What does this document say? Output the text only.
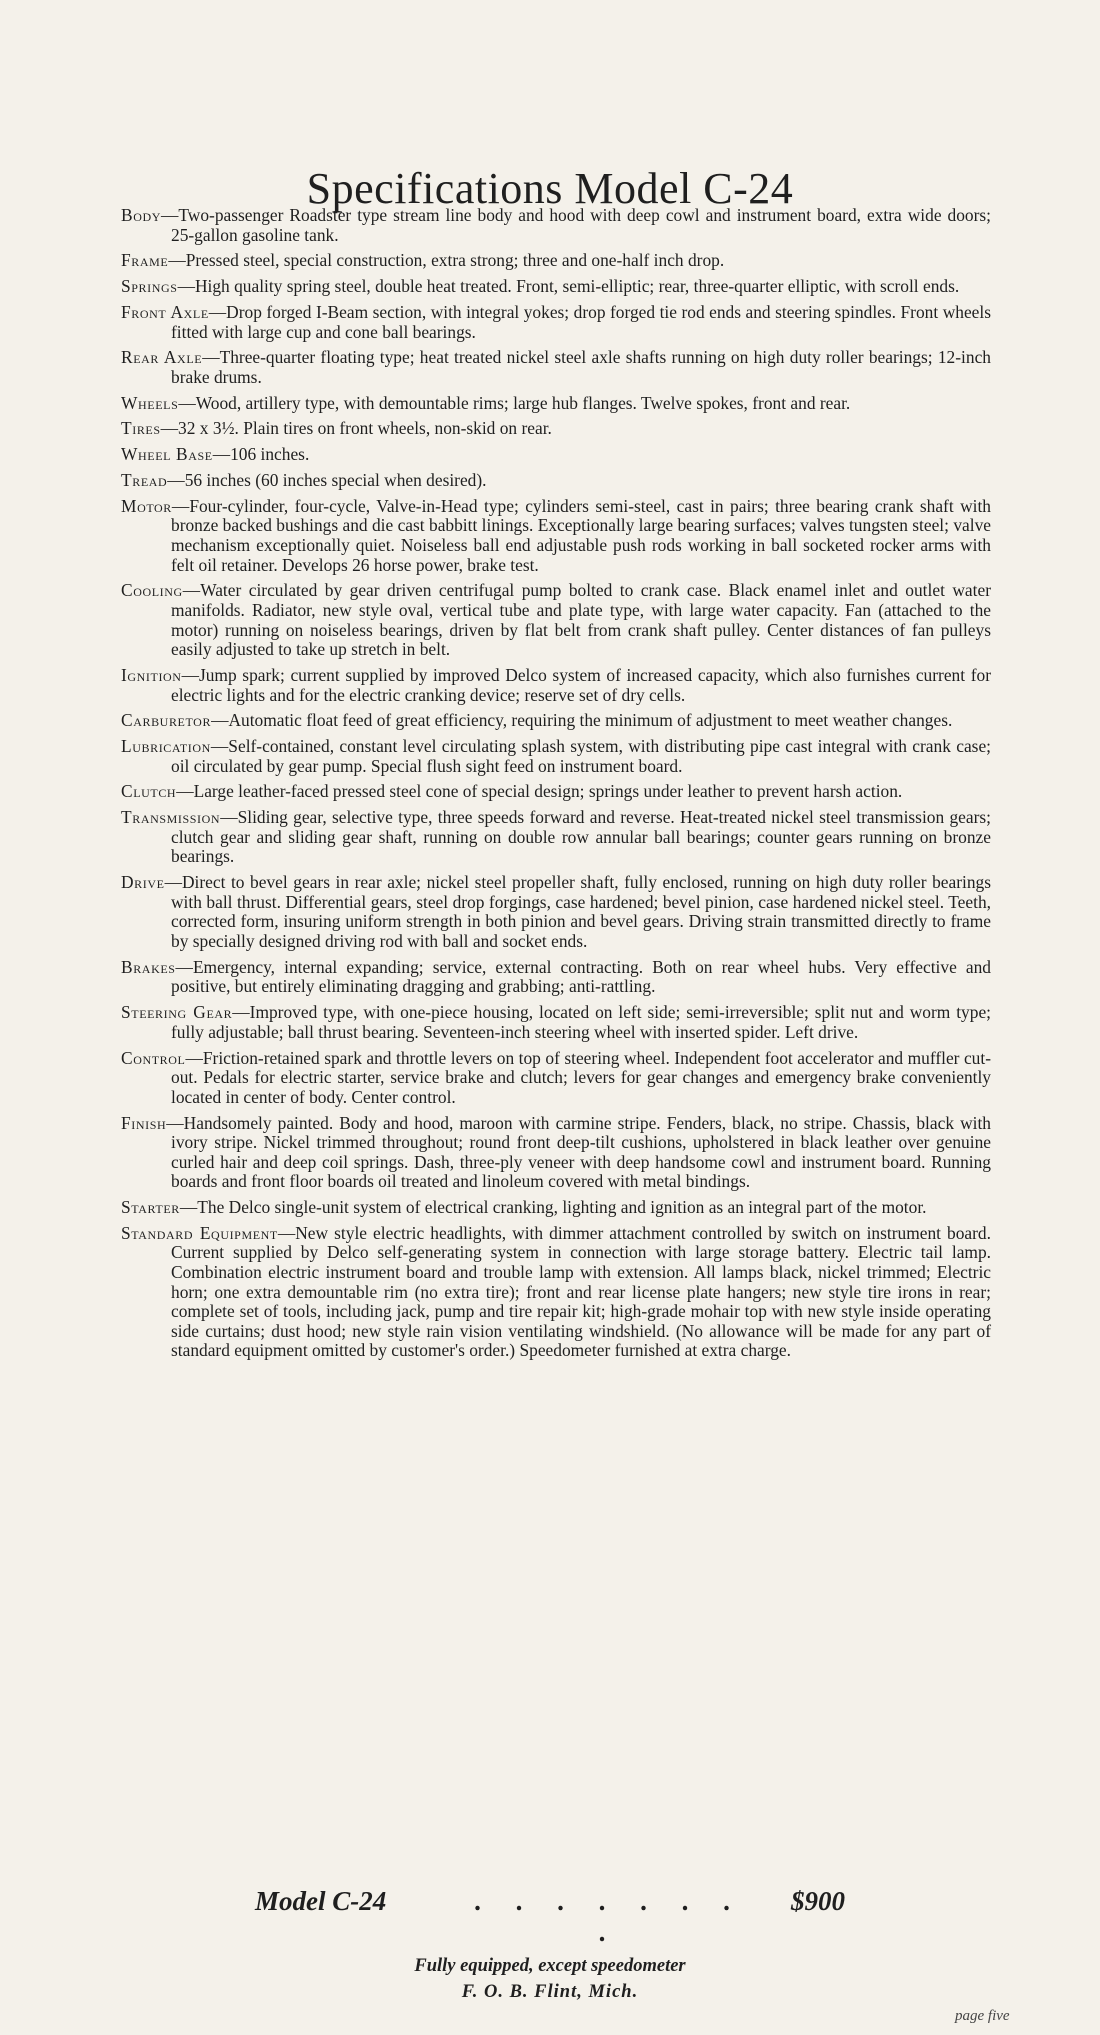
Specifications Model C-24

Body—Two-passenger Roadster type stream line body and hood with deep cowl and instrument board, extra wide doors; 25-gallon gasoline tank.

Frame—Pressed steel, special construction, extra strong; three and one-half inch drop.

Springs—High quality spring steel, double heat treated. Front, semi-elliptic; rear, three-quarter elliptic, with scroll ends.

Front Axle—Drop forged I-Beam section, with integral yokes; drop forged tie rod ends and steering spindles. Front wheels fitted with large cup and cone ball bearings.

Rear Axle—Three-quarter floating type; heat treated nickel steel axle shafts running on high duty roller bearings; 12-inch brake drums.

Wheels—Wood, artillery type, with demountable rims; large hub flanges. Twelve spokes, front and rear.

Tires—32 x 3½. Plain tires on front wheels, non-skid on rear.

Wheel Base—106 inches.

Tread—56 inches (60 inches special when desired).

Motor—Four-cylinder, four-cycle, Valve-in-Head type; cylinders semi-steel, cast in pairs; three bearing crank shaft with bronze backed bushings and die cast babbitt linings. Exceptionally large bearing surfaces; valves tungsten steel; valve mechanism exceptionally quiet. Noiseless ball end adjustable push rods working in ball socketed rocker arms with felt oil retainer. Develops 26 horse power, brake test.

Cooling—Water circulated by gear driven centrifugal pump bolted to crank case. Black enamel inlet and outlet water manifolds. Radiator, new style oval, vertical tube and plate type, with large water capacity. Fan (attached to the motor) running on noiseless bearings, driven by flat belt from crank shaft pulley. Center distances of fan pulleys easily adjusted to take up stretch in belt.

Ignition—Jump spark; current supplied by improved Delco system of increased capacity, which also furnishes current for electric lights and for the electric cranking device; reserve set of dry cells.

Carburetor—Automatic float feed of great efficiency, requiring the minimum of adjustment to meet weather changes.

Lubrication—Self-contained, constant level circulating splash system, with distributing pipe cast integral with crank case; oil circulated by gear pump. Special flush sight feed on instrument board.

Clutch—Large leather-faced pressed steel cone of special design; springs under leather to prevent harsh action.

Transmission—Sliding gear, selective type, three speeds forward and reverse. Heat-treated nickel steel transmission gears; clutch gear and sliding gear shaft, running on double row annular ball bearings; counter gears running on bronze bearings.

Drive—Direct to bevel gears in rear axle; nickel steel propeller shaft, fully enclosed, running on high duty roller bearings with ball thrust. Differential gears, steel drop forgings, case hardened; bevel pinion, case hardened nickel steel. Teeth, corrected form, insuring uniform strength in both pinion and bevel gears. Driving strain transmitted directly to frame by specially designed driving rod with ball and socket ends.

Brakes—Emergency, internal expanding; service, external contracting. Both on rear wheel hubs. Very effective and positive, but entirely eliminating dragging and grabbing; anti-rattling.

Steering Gear—Improved type, with one-piece housing, located on left side; semi-irreversible; split nut and worm type; fully adjustable; ball thrust bearing. Seventeen-inch steering wheel with inserted spider. Left drive.

Control—Friction-retained spark and throttle levers on top of steering wheel. Independent foot accelerator and muffler cut-out. Pedals for electric starter, service brake and clutch; levers for gear changes and emergency brake conveniently located in center of body. Center control.

Finish—Handsomely painted. Body and hood, maroon with carmine stripe. Fenders, black, no stripe. Chassis, black with ivory stripe. Nickel trimmed throughout; round front deep-tilt cushions, upholstered in black leather over genuine curled hair and deep coil springs. Dash, three-ply veneer with deep handsome cowl and instrument board. Running boards and front floor boards oil treated and linoleum covered with metal bindings.

Starter—The Delco single-unit system of electrical cranking, lighting and ignition as an integral part of the motor.

Standard Equipment—New style electric headlights, with dimmer attachment controlled by switch on instrument board. Current supplied by Delco self-generating system in connection with large storage battery. Electric tail lamp. Combination electric instrument board and trouble lamp with extension. All lamps black, nickel trimmed; Electric horn; one extra demountable rim (no extra tire); front and rear license plate hangers; new style tire irons in rear; complete set of tools, including jack, pump and tire repair kit; high-grade mohair top with new style inside operating side curtains; dust hood; new style rain vision ventilating windshield. (No allowance will be made for any part of standard equipment omitted by customer's order.) Speedometer furnished at extra charge.

Model C-24	. . . . . . . .
$900
Fully equipped, except speedometer
F. O. B. Flint, Mich.
page five
